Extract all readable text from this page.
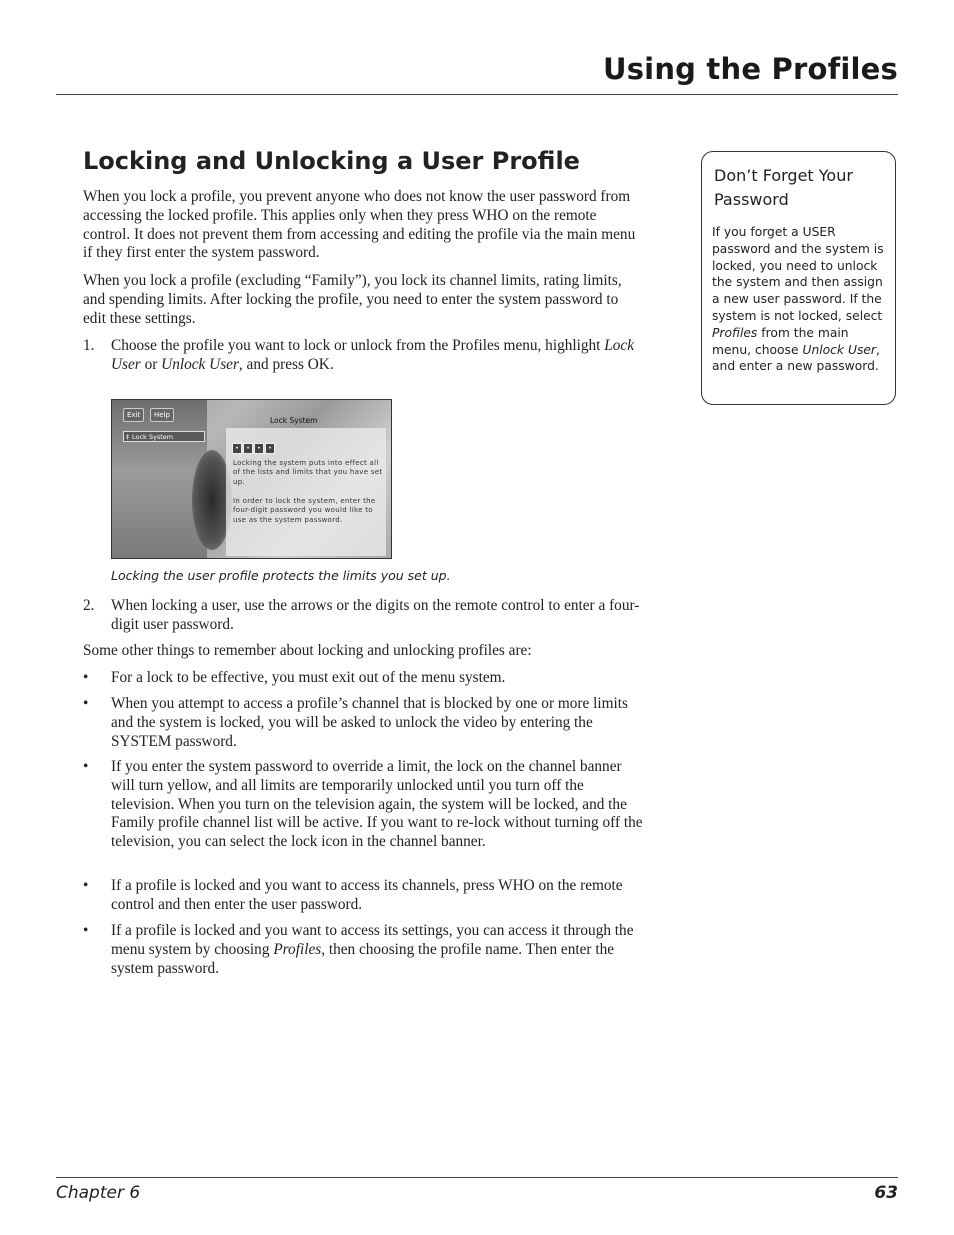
Using the Profiles
Locking and Unlocking a User Profile

When you lock a profile, you prevent anyone who does not know the user password from accessing the locked profile. This applies only when they press WHO on the remote control. It does not prevent them from accessing and editing the profile via the main menu if they first enter the system password.

When you lock a profile (excluding “Family”), you lock its channel limits, rating limits, and spending limits. After locking the profile, you need to enter the system password to edit these settings.

1.	Choose the profile you want to lock or unlock from the Profiles menu, highlight Lock User or Unlock User, and press OK.
Exit	Help
‡ Lock System
Lock System
•	•	•	•
Locking the system puts into effect all of the lists and limits that you have set up.
In order to lock the system, enter the four-digit password you would like to use as the system password.
Locking the user profile protects the limits you set up.
2.	When locking a user, use the arrows or the digits on the remote control to enter a four-digit user password.

Some other things to remember about locking and unlocking profiles are:

•	For a lock to be effective, you must exit out of the menu system.
•	When you attempt to access a profile’s channel that is blocked by one or more limits and the system is locked, you will be asked to unlock the video by entering the SYSTEM password.
•	If you enter the system password to override a limit, the lock on the channel banner will turn yellow, and all limits are temporarily unlocked until you turn off the television. When you turn on the television again, the system will be locked, and the Family profile channel list will be active. If you want to re-lock without turning off the television, you can select the lock icon in the channel banner.
•	If a profile is locked and you want to access its channels, press WHO on the remote control and then enter the user password.
•	If a profile is locked and you want to access its settings, you can access it through the menu system by choosing Profiles, then choosing the profile name. Then enter the system password.
Don’t Forget Your Password
If you forget a USER password and the system is locked, you need to unlock the system and then assign a new user password. If the system is not locked, select Profiles from the main menu, choose Unlock User, and enter a new password.
Chapter 6	63
